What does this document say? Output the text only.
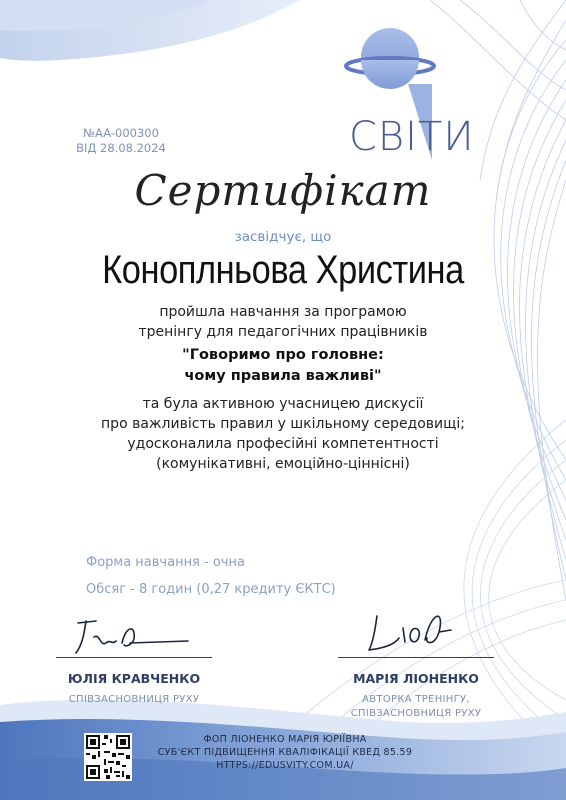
СВІТИ
№AA-000300
ВІД 28.08.2024
Сертифікат
засвідчує, що
Коноплньова Христина
пройшла навчання за програмою
тренінгу для педагогічних працівників
"Говоримо про головне:
чому правила важливі"
та була активною учасницею дискусії
про важливість правил у шкільному середовищі;
удосконалила професійні компетентності
(комунікативні, емоційно-ціннісні)
Форма навчання - очна
Обсяг - 8 годин (0,27 кредиту ЄКТС)
ЮЛІЯ КРАВЧЕНКО
СПІВЗАСНОВНИЦЯ РУХУ
МАРІЯ ЛІОНЕНКО
АВТОРКА ТРЕНІНГУ,
СПІВЗАСНОВНИЦЯ РУХУ
ФОП ЛІОНЕНКО МАРІЯ ЮРІЇВНА
СУБ'ЄКТ ПІДВИЩЕННЯ КВАЛІФІКАЦІЇ КВЕД 85.59
HTTPS://EDUSVITY.COM.UA/
